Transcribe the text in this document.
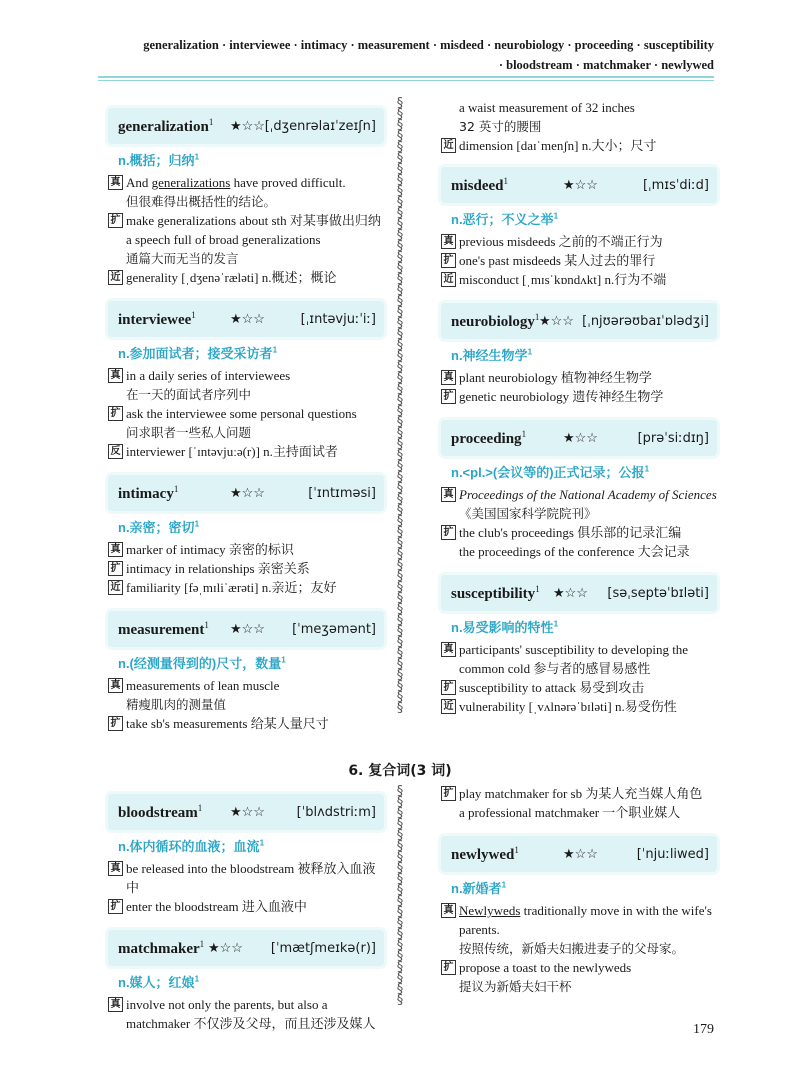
generalization · interviewee · intimacy · measurement · misdeed · neurobiology · proceeding · susceptibility
· bloodstream · matchmaker · newlywed
§
§
§
§
§
§
§
§
§
§
§
§
§
§
§
§
§
§
§
§
§
§
§
§
§
§
§
§
§
§
§
§
§
§
§
§
§
§
§
§
§
§
§
§
§
§
§
§
§
§
§
§
§
§
§
§
§
§
§
§
§
§
§
§
§
§
§
§
§
§
§
§
§
§
§
§
generalization$^1$ ★☆☆ [ˌdʒenrəlaɪˈzeɪʃn]
n.概括；归纳$^1$
真 And generalizations have proved difficult.
但很难得出概括性的结论。
扩 make generalizations about sth 对某事做出归纳
a speech full of broad generalizations
通篇大而无当的发言
近 generality [ˌdʒenəˈræləti] n.概述；概论
interviewee$^1$	★☆☆	[ˌɪntəvjuːˈiː]
n.参加面试者；接受采访者$^1$
真 in a daily series of interviewees
在一天的面试者序列中
扩 ask the interviewee some personal questions
问求职者一些私人问题
反 interviewer [ˈɪntəvjuːə(r)] n.主持面试者
intimacy$^1$	★☆☆	[ˈɪntɪməsi]
n.亲密；密切$^1$
真 marker of intimacy 亲密的标识
扩 intimacy in relationships 亲密关系
近 familiarity [fəˌmɪliˈærəti] n.亲近；友好
measurement$^1$ ★☆☆ [ˈmeʒəmənt]
n.(经测量得到的)尺寸，数量$^1$
真 measurements of lean muscle
精瘦肌肉的测量值
扩 take sb's measurements 给某人量尺寸
a waist measurement of 32 inches
32 英寸的腰围
近 dimension [daɪˈmenʃn] n.大小；尺寸
misdeed$^1$	★☆☆	[ˌmɪsˈdiːd]
n.恶行；不义之举$^1$
真 previous misdeeds 之前的不端正行为
扩 one's past misdeeds 某人过去的罪行
近 misconduct [ˌmɪsˈkɒndʌkt] n.行为不端
neurobiology$^1$ ★☆☆ [ˌnjʊərəʊbaɪˈɒlədʒi]
n.神经生物学$^1$
真 plant neurobiology 植物神经生物学
扩 genetic neurobiology 遗传神经生物学
proceeding$^1$	★☆☆	[prəˈsiːdɪŋ]
n.<pl.>(会议等的)正式记录；公报$^1$
真 Proceedings of the National Academy of Sciences
《美国国家科学院院刊》
扩 the club's proceedings 俱乐部的记录汇编
the proceedings of the conference 大会记录
susceptibility$^1$ ★☆☆ [səˌseptəˈbɪləti]
n.易受影响的特性$^1$
真 participants' susceptibility to developing the
common cold 参与者的感冒易感性
扩 susceptibility to attack 易受到攻击
近 vulnerability [ˌvʌlnərəˈbɪləti] n.易受伤性
6. 复合词(3 词)
bloodstream$^1$ ★☆☆ [ˈblʌdstriːm]
n.体内循环的血液；血流$^1$
真 be released into the bloodstream 被释放入血液中
扩 enter the bloodstream 进入血液中
matchmaker$^1$ ★☆☆ [ˈmætʃmeɪkə(r)]
n.媒人；红娘$^1$
真 involve not only the parents, but also a
matchmaker 不仅涉及父母，而且还涉及媒人
扩 play matchmaker for sb 为某人充当媒人角色
a professional matchmaker 一个职业媒人
newlywed$^1$	★☆☆	[ˈnjuːliwed]
n.新婚者$^1$
真 Newlyweds traditionally move in with the wife's
parents.
按照传统，新婚夫妇搬进妻子的父母家。
扩 propose a toast to the newlyweds
提议为新婚夫妇干杯
179
